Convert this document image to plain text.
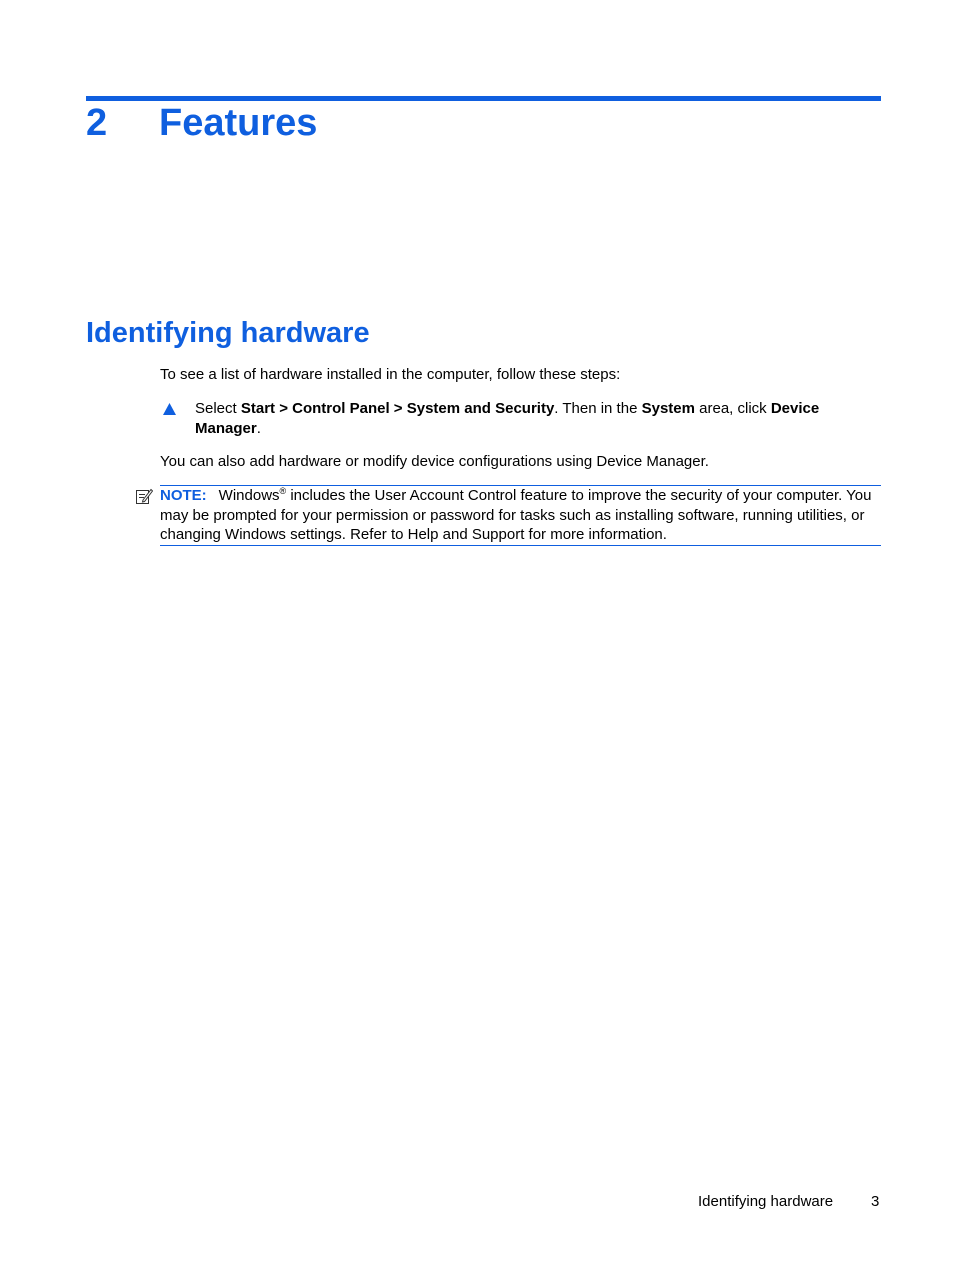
2 Features
Identifying hardware
To see a list of hardware installed in the computer, follow these steps:
Select Start > Control Panel > System and Security. Then in the System area, click Device Manager.
You can also add hardware or modify device configurations using Device Manager.
NOTE: Windows® includes the User Account Control feature to improve the security of your computer. You may be prompted for your permission or password for tasks such as installing software, running utilities, or changing Windows settings. Refer to Help and Support for more information.
Identifying hardware	3
